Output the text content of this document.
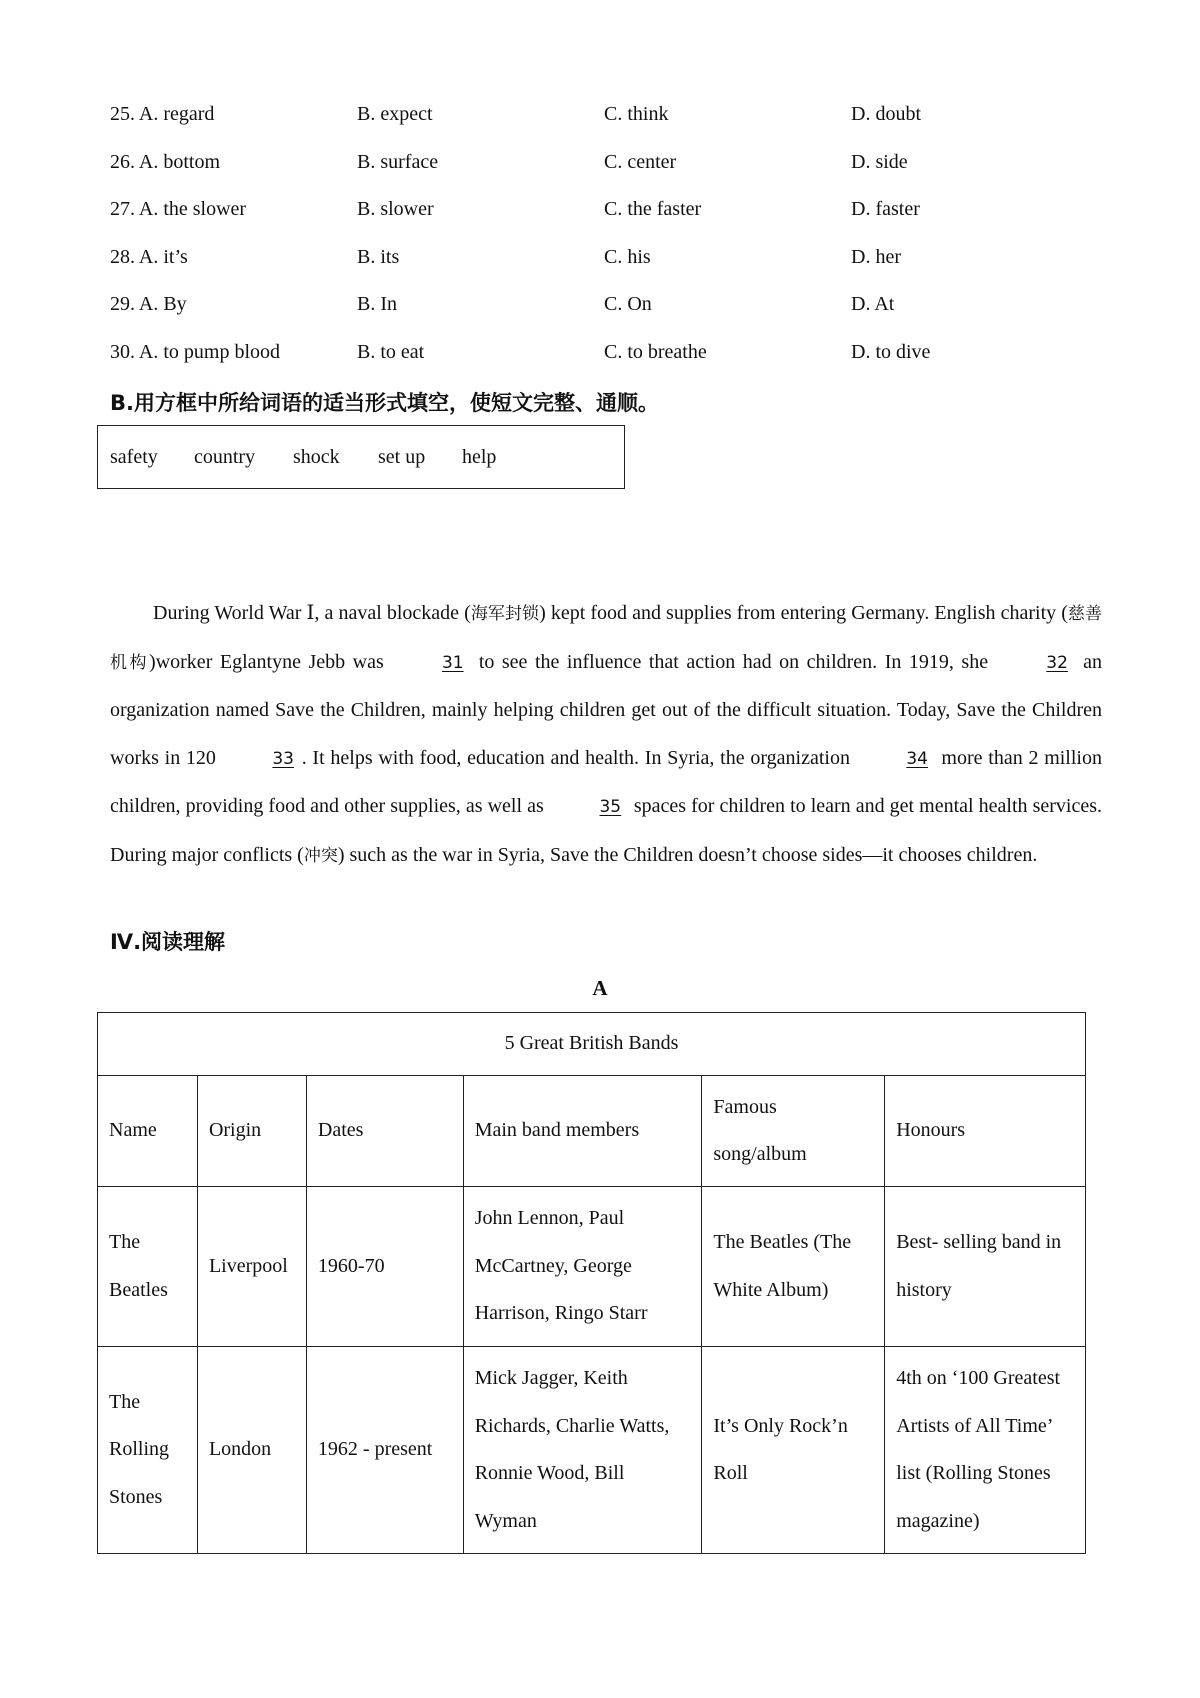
25. A. regard	B. expect	C. think	D. doubt
26. A. bottom	B. surface	C. center	D. side
27. A. the slower	B. slower	C. the faster	D. faster
28. A. it’s	B. its	C. his	D. her
29. A. By	B. In	C. On	D. At
30. A. to pump blood	B. to eat	C. to breathe	D. to dive
B.用方框中所给词语的适当形式填空，使短文完整、通顺。
safety country shock set up help

During World War Ⅰ, a naval blockade (海军封锁) kept food and supplies from entering Germany. English charity (慈善机构)worker Eglantyne Jebb was	31 to see the influence that action had on children. In 1919, she	32 an organization named Save the Children, mainly helping children get out of the difficult situation. Today, Save the Children works in 120	33 . It helps with food, education and health. In Syria, the organization	34 more than 2 million children, providing food and other supplies, as well as	35 spaces for children to learn and get mental health services. During major conflicts (冲突) such as the war in Syria, Save the Children doesn’t choose sides—it chooses children.

Ⅳ.阅读理解
A
5 Great British Bands					
Name	Origin	Dates	Main band members	Famous song/album	Honours
The Beatles	Liverpool	1960-70	John Lennon, Paul McCartney, George Harrison, Ringo Starr	The Beatles (The White Album)	Best- selling band in history
The Rolling Stones	London	1962 - present	Mick Jagger, Keith Richards, Charlie Watts, Ronnie Wood, Bill Wyman	It’s Only Rock’n Roll	4th on ‘100 Greatest Artists of All Time’ list (Rolling Stones magazine)
